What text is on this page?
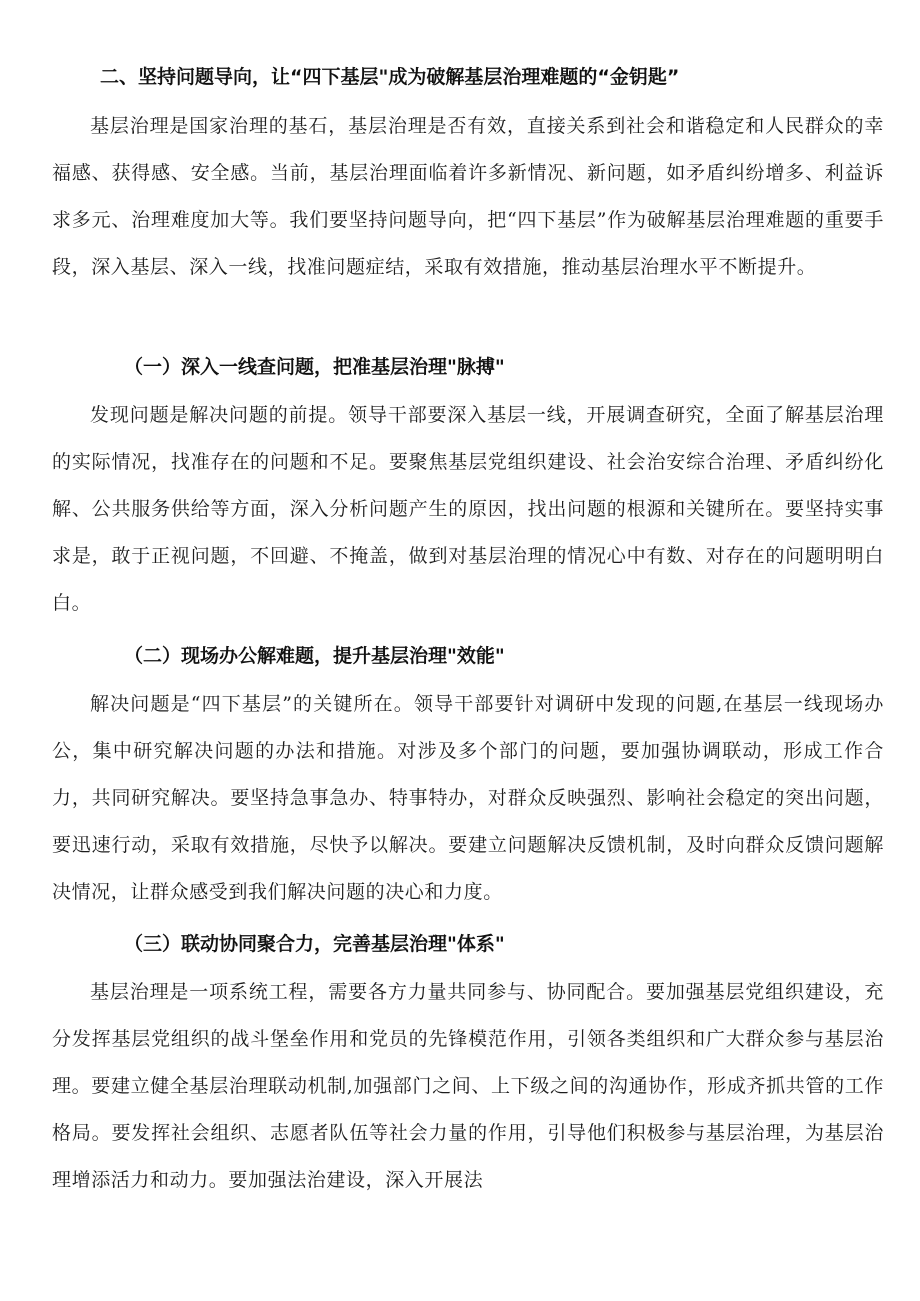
二、坚持问题导向，让“四下基层"成为破解基层治理难题的“金钥匙”

基层治理是国家治理的基石，基层治理是否有效，直接关系到社会和谐稳定和人民群众的幸福感、获得感、安全感。当前，基层治理面临着许多新情况、新问题，如矛盾纠纷增多、利益诉求多元、治理难度加大等。我们要坚持问题导向，把“四下基层”作为破解基层治理难题的重要手段，深入基层、深入一线，找准问题症结，采取有效措施，推动基层治理水平不断提升。

（一）深入一线查问题，把准基层治理"脉搏"

发现问题是解决问题的前提。领导干部要深入基层一线，开展调查研究，全面了解基层治理的实际情况，找准存在的问题和不足。要聚焦基层党组织建设、社会治安综合治理、矛盾纠纷化解、公共服务供给等方面，深入分析问题产生的原因，找出问题的根源和关键所在。要坚持实事求是，敢于正视问题，不回避、不掩盖，做到对基层治理的情况心中有数、对存在的问题明明白白。

（二）现场办公解难题，提升基层治理"效能"

解决问题是“四下基层”的关键所在。领导干部要针对调研中发现的问题,在基层一线现场办公，集中研究解决问题的办法和措施。对涉及多个部门的问题，要加强协调联动，形成工作合力，共同研究解决。要坚持急事急办、特事特办，对群众反映强烈、影响社会稳定的突出问题，要迅速行动，采取有效措施，尽快予以解决。要建立问题解决反馈机制，及时向群众反馈问题解决情况，让群众感受到我们解决问题的决心和力度。

（三）联动协同聚合力，完善基层治理"体系"

基层治理是一项系统工程，需要各方力量共同参与、协同配合。要加强基层党组织建设，充分发挥基层党组织的战斗堡垒作用和党员的先锋模范作用，引领各类组织和广大群众参与基层治理。要建立健全基层治理联动机制,加强部门之间、上下级之间的沟通协作，形成齐抓共管的工作格局。要发挥社会组织、志愿者队伍等社会力量的作用，引导他们积极参与基层治理，为基层治理增添活力和动力。要加强法治建设，深入开展法
